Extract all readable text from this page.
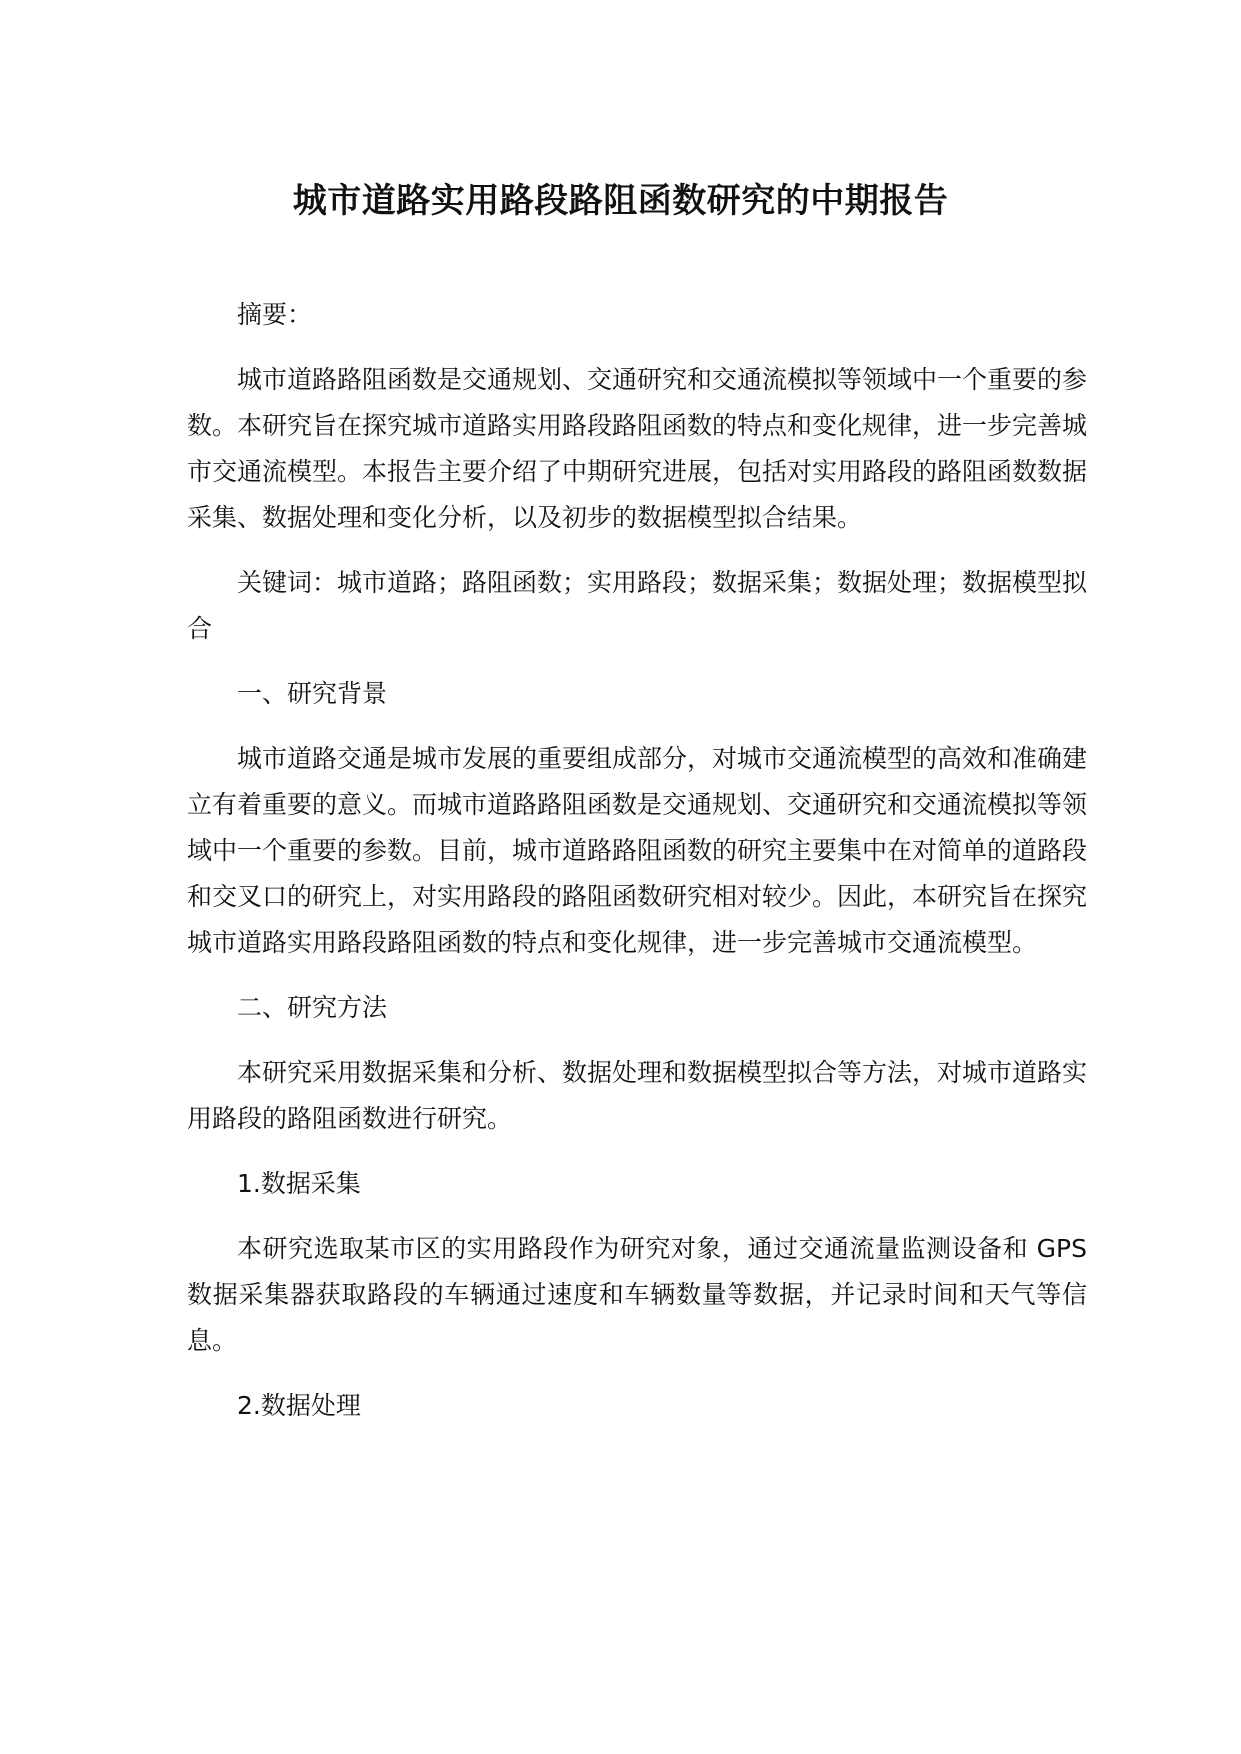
城市道路实用路段路阻函数研究的中期报告

摘要：

城市道路路阻函数是交通规划、交通研究和交通流模拟等领域中一个重要的参数。本研究旨在探究城市道路实用路段路阻函数的特点和变化规律，进一步完善城市交通流模型。本报告主要介绍了中期研究进展，包括对实用路段的路阻函数数据采集、数据处理和变化分析，以及初步的数据模型拟合结果。

关键词：城市道路；路阻函数；实用路段；数据采集；数据处理；数据模型拟合

一、研究背景

城市道路交通是城市发展的重要组成部分，对城市交通流模型的高效和准确建立有着重要的意义。而城市道路路阻函数是交通规划、交通研究和交通流模拟等领域中一个重要的参数。目前，城市道路路阻函数的研究主要集中在对简单的道路段和交叉口的研究上，对实用路段的路阻函数研究相对较少。因此，本研究旨在探究城市道路实用路段路阻函数的特点和变化规律，进一步完善城市交通流模型。

二、研究方法

本研究采用数据采集和分析、数据处理和数据模型拟合等方法，对城市道路实用路段的路阻函数进行研究。

1.数据采集

本研究选取某市区的实用路段作为研究对象，通过交通流量监测设备和 GPS 数据采集器获取路段的车辆通过速度和车辆数量等数据，并记录时间和天气等信息。

2.数据处理
